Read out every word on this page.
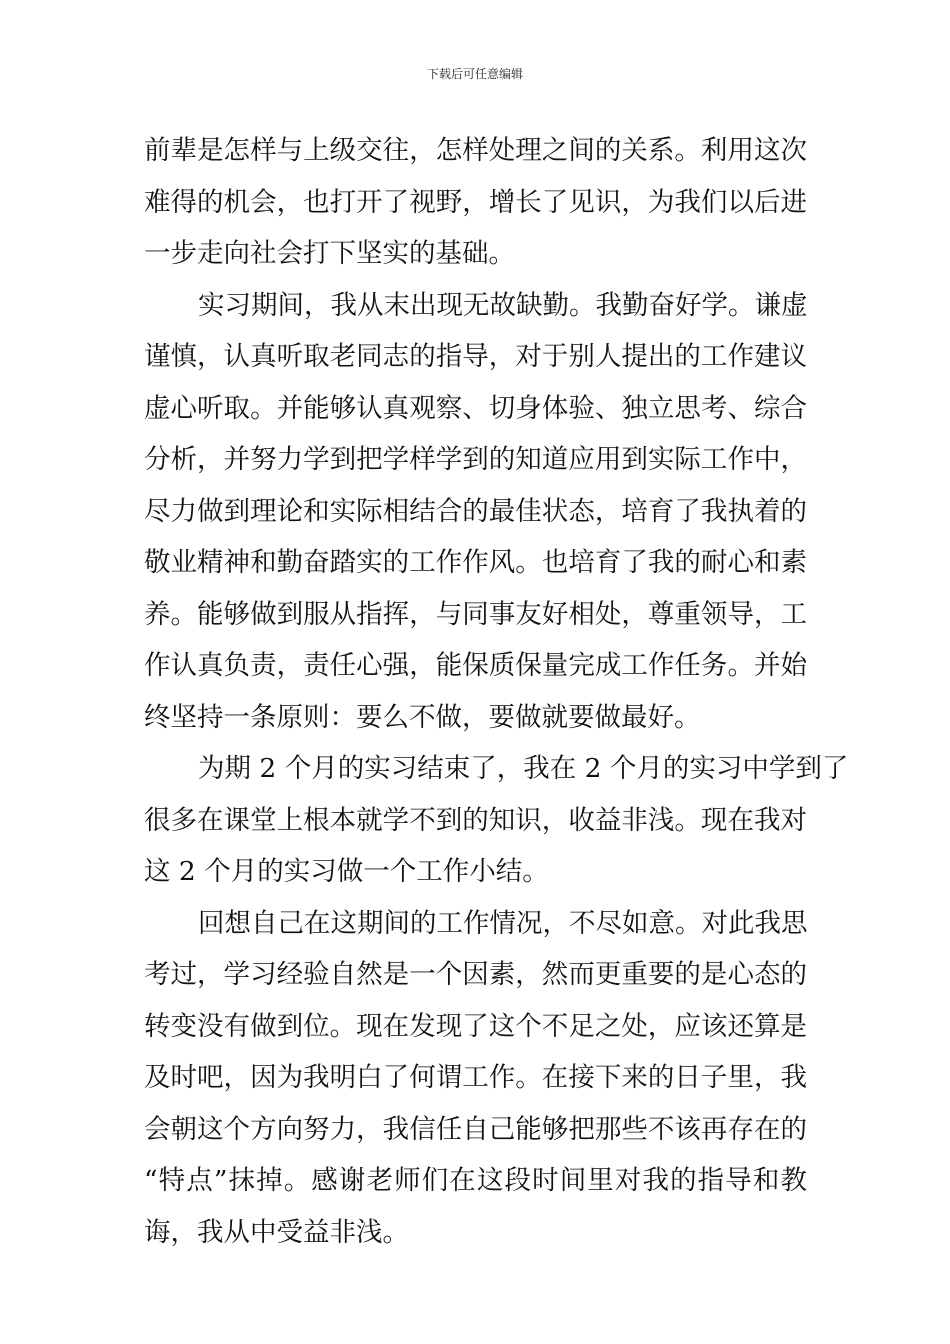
下载后可任意编辑
前辈是怎样与上级交往，怎样处理之间的关系。利用这次
难得的机会，也打开了视野，增长了见识，为我们以后进
一步走向社会打下坚实的基础。
实习期间，我从末出现无故缺勤。我勤奋好学。谦虚
谨慎，认真听取老同志的指导，对于别人提出的工作建议
虚心听取。并能够认真观察、切身体验、独立思考、综合
分析，并努力学到把学样学到的知道应用到实际工作中，
尽力做到理论和实际相结合的最佳状态，培育了我执着的
敬业精神和勤奋踏实的工作作风。也培育了我的耐心和素
养。能够做到服从指挥，与同事友好相处，尊重领导，工
作认真负责，责任心强，能保质保量完成工作任务。并始
终坚持一条原则：要么不做，要做就要做最好。
为期 2 个月的实习结束了，我在 2 个月的实习中学到了
很多在课堂上根本就学不到的知识，收益非浅。现在我对
这 2 个月的实习做一个工作小结。
回想自己在这期间的工作情况，不尽如意。对此我思
考过，学习经验自然是一个因素，然而更重要的是心态的
转变没有做到位。现在发现了这个不足之处，应该还算是
及时吧，因为我明白了何谓工作。在接下来的日子里，我
会朝这个方向努力，我信任自己能够把那些不该再存在的
“特点”抹掉。感谢老师们在这段时间里对我的指导和教
诲，我从中受益非浅。
